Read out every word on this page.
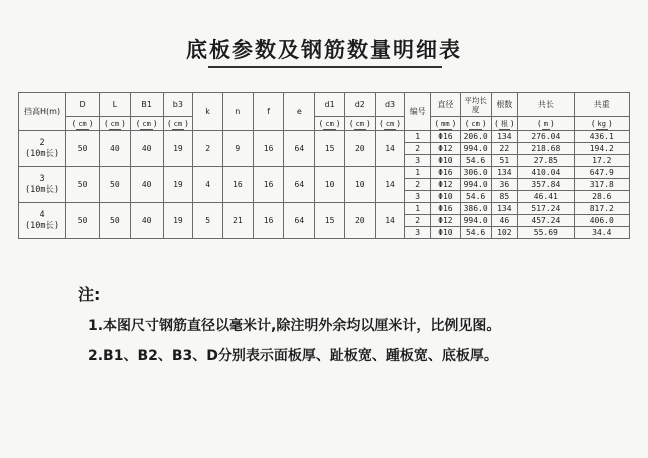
底板参数及钢筋数量明细表
挡高H(m)	D	L	B1	b3	k	n	f	e	d1	d2	d3	编号	直径	平均长度	根数	共长	共重
	( cm )	( cm )	( cm )	( cm )					( cm )	( cm )	( cm )		( mm )	( cm )	( 根 )	( m )	( kg )

2
(10m长)	50	40	40	19	2	9	16	64	15	20	14	1	Φ16	206.0	134	276.04	436.1
												2	Φ12	994.0	22	218.68	194.2
												3	Φ10	54.6	51	27.85	17.2

3
(10m长)	50	50	40	19	4	16	16	64	10	10	14	1	Φ16	306.0	134	410.04	647.9
												2	Φ12	994.0	36	357.84	317.8
												3	Φ10	54.6	85	46.41	28.6

4
(10m长)	50	50	40	19	5	21	16	64	15	20	14	1	Φ16	386.0	134	517.24	817.2
												2	Φ12	994.0	46	457.24	406.0
												3	Φ10	54.6	102	55.69	34.4
注:
1.本图尺寸钢筋直径以毫米计,除注明外余均以厘米计，比例见图。
2.B1、B2、B3、D分别表示面板厚、趾板宽、踵板宽、底板厚。
